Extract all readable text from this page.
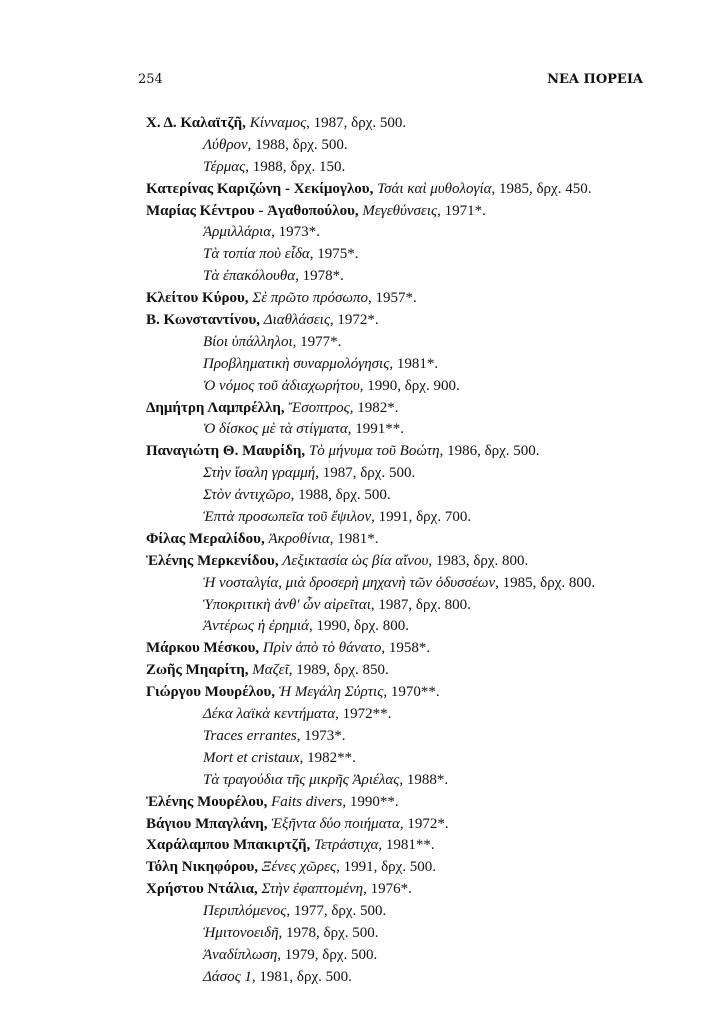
254	ΝΕΑ ΠΟΡΕΙΑ
Χ. Δ. Καλαϊτζῆ, Κίνναμος, 1987, δρχ. 500.
Λύθρον, 1988, δρχ. 500.
Τέρμας, 1988, δρχ. 150.
Κατερίνας Καριζώνη - Χεκίμογλου, Τσάι καὶ μυθολογία, 1985, δρχ. 450.
Μαρίας Κέντρου - Ἀγαθοπούλου, Μεγεθύνσεις, 1971*.
Ἁρμιλλάρια, 1973*.
Τὰ τοπία ποὺ εἶδα, 1975*.
Τὰ ἐπακόλουθα, 1978*.
Κλείτου Κύρου, Σὲ πρῶτο πρόσωπο, 1957*.
Β. Κωνσταντίνου, Διαθλάσεις, 1972*.
Βίοι ὑπάλληλοι, 1977*.
Προβληματικὴ συναρμολόγησις, 1981*.
Ὁ νόμος τοῦ ἀδιαχωρήτου, 1990, δρχ. 900.
Δημήτρη Λαμπρέλλη, Ἔσοπτρος, 1982*.
Ὁ δίσκος μὲ τὰ στίγματα, 1991**.
Παναγιώτη Θ. Μαυρίδη, Τὸ μήνυμα τοῦ Βοώτη, 1986, δρχ. 500.
Στὴν ἴσαλη γραμμή, 1987, δρχ. 500.
Στὸν ἀντιχῶρο, 1988, δρχ. 500.
Ἑπτὰ προσωπεῖα τοῦ ἔψιλον, 1991, δρχ. 700.
Φίλας Μεραλίδου, Ἀκροθίνια, 1981*.
Ἑλένης Μερκενίδου, Λεξικτασία ὡς βία αἴνου, 1983, δρχ. 800.
Ἡ νοσταλγία, μιὰ δροσερὴ μηχανὴ τῶν ὀδυσσέων, 1985, δρχ. 800.
Ὑποκριτικὴ ἀνθ' ὧν αἱρεῖται, 1987, δρχ. 800.
Ἀντέρως ἡ ἐρημιά, 1990, δρχ. 800.
Μάρκου Μέσκου, Πρὶν ἀπὸ τὸ θάνατο, 1958*.
Ζωῆς Μηαρίτη, Μαζεῖ, 1989, δρχ. 850.
Γιώργου Μουρέλου, Ἡ Μεγάλη Σύρτις, 1970**.
Δέκα λαϊκὰ κεντήματα, 1972**.
Traces errantes, 1973*.
Mort et cristaux, 1982**.
Τὰ τραγούδια τῆς μικρῆς Ἀριέλας, 1988*.
Ἑλένης Μουρέλου, Faits divers, 1990**.
Βάγιου Μπαγλάνη, Ἑξῆντα δύο ποιήματα, 1972*.
Χαράλαμπου Μπακιρτζῆ, Τετράστιχα, 1981**.
Τόλη Νικηφόρου, Ξένες χῶρες, 1991, δρχ. 500.
Χρήστου Ντάλια, Στὴν ἐφαπτομένη, 1976*.
Περιπλόμενος, 1977, δρχ. 500.
Ἡμιτονοειδῆ, 1978, δρχ. 500.
Ἀναδίπλωση, 1979, δρχ. 500.
Δάσος 1, 1981, δρχ. 500.
